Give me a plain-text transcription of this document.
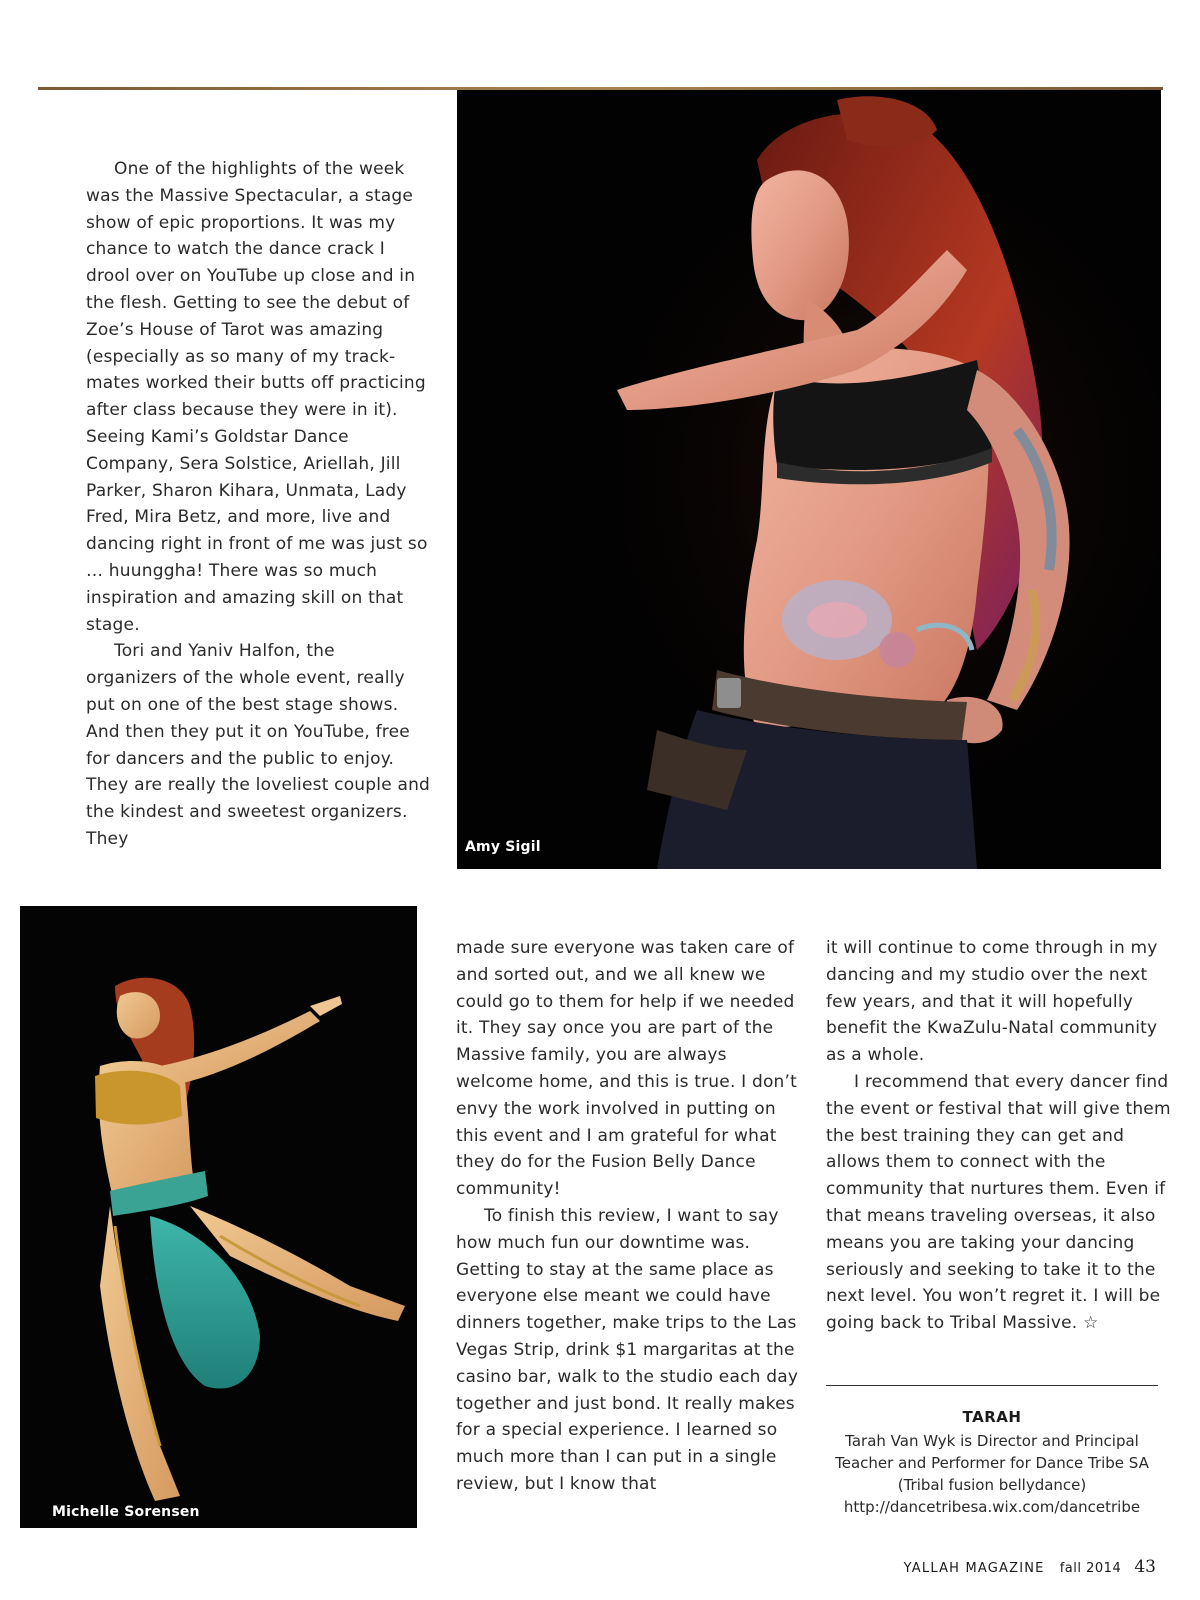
One of the highlights of the week was the Massive Spectacular, a stage show of epic proportions. It was my chance to watch the dance crack I drool over on YouTube up close and in the flesh. Getting to see the debut of Zoe’s House of Tarot was amazing (especially as so many of my track-mates worked their butts off practicing after class because they were in it). Seeing Kami’s Goldstar Dance Company, Sera Solstice, Ariellah, Jill Parker, Sharon Kihara, Unmata, Lady Fred, Mira Betz, and more, live and dancing right in front of me was just so … huunggha! There was so much inspiration and amazing skill on that stage.

Tori and Yaniv Halfon, the organizers of the whole event, really put on one of the best stage shows. And then they put it on YouTube, free for dancers and the public to enjoy. They are really the loveliest couple and the kindest and sweetest organizers. They	Amy Sigil
Michelle Sorensen

made sure everyone was taken care of and sorted out, and we all knew we could go to them for help if we needed it. They say once you are part of the Massive family, you are always welcome home, and this is true. I don’t envy the work involved in putting on this event and I am grateful for what they do for the Fusion Belly Dance community!

To finish this review, I want to say how much fun our downtime was. Getting to stay at the same place as everyone else meant we could have dinners together, make trips to the Las Vegas Strip, drink $1 margaritas at the casino bar, walk to the studio each day together and just bond. It really makes for a special experience. I learned so much more than I can put in a single review, but I know that

it will continue to come through in my dancing and my studio over the next few years, and that it will hopefully benefit the KwaZulu-Natal community as a whole.

I recommend that every dancer find the event or festival that will give them the best training they can get and allows them to connect with the community that nurtures them. Even if that means traveling overseas, it also means you are taking your dancing seriously and seeking to take it to the next level. You won’t regret it. I will be going back to Tribal Massive. ☆

TARAH
Tarah Van Wyk is Director and Principal
Teacher and Performer for Dance Tribe SA
(Tribal fusion bellydance)
http://dancetribesa.wix.com/dancetribe
YALLAH MAGAZINE fall 2014 43
